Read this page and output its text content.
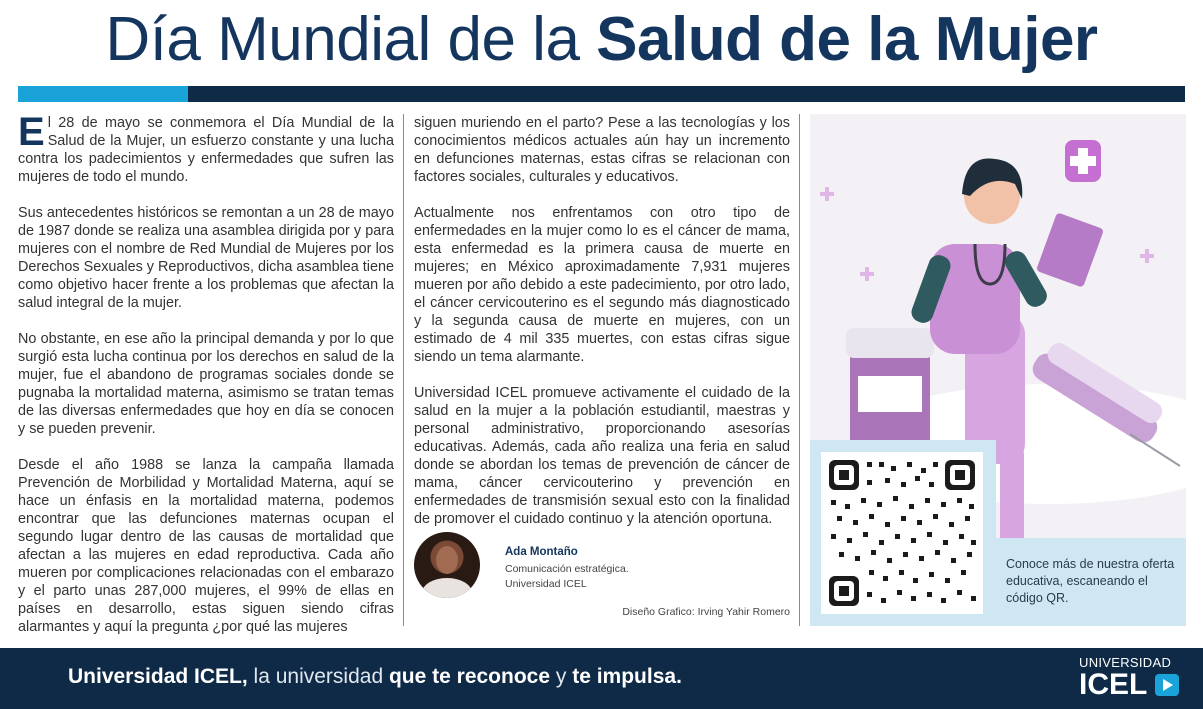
Día Mundial de la Salud de la Mujer

El 28 de mayo se conmemora el Día Mundial de la Salud de la Mujer, un esfuerzo constante y una lucha contra los padecimientos y enfermedades que sufren las mujeres de todo el mundo.

Sus antecedentes históricos se remontan a un 28 de mayo de 1987 donde se realiza una asamblea dirigida por y para mujeres con el nombre de Red Mundial de Mujeres por los Derechos Sexuales y Reproductivos, dicha asamblea tiene como objetivo hacer frente a los problemas que afectan la salud integral de la mujer.

No obstante, en ese año la principal demanda y por lo que surgió esta lucha continua por los derechos en salud de la mujer, fue el abandono de programas sociales donde se pugnaba la mortalidad materna, asimismo se tratan temas de las diversas enfermedades que hoy en día se conocen y se pueden prevenir.

Desde el año 1988 se lanza la campaña llamada Prevención de Morbilidad y Mortalidad Materna, aquí se hace un énfasis en la mortalidad materna, podemos encontrar que las defunciones maternas ocupan el segundo lugar dentro de las causas de mortalidad que afectan a las mujeres en edad reproductiva. Cada año mueren por complicaciones relacionadas con el embarazo y el parto unas 287,000 mujeres, el 99% de ellas en países en desarrollo, estas siguen siendo cifras alarmantes y aquí la pregunta ¿por qué las mujeres

siguen muriendo en el parto? Pese a las tecnologías y los conocimientos médicos actuales aún hay un incremento en defunciones maternas, estas cifras se relacionan con factores sociales, culturales y educativos.

Actualmente nos enfrentamos con otro tipo de enfermedades en la mujer como lo es el cáncer de mama, esta enfermedad es la primera causa de muerte en mujeres; en México aproximadamente 7,931 mujeres mueren por año debido a este padecimiento, por otro lado, el cáncer cervicouterino es el segundo más diagnosticado y la segunda causa de muerte en mujeres, con un estimado de 4 mil 335 muertes, con estas cifras sigue siendo un tema alarmante.

Universidad ICEL promueve activamente el cuidado de la salud en la mujer a la población estudiantil, maestras y personal administrativo, proporcionando asesorías educativas. Además, cada año realiza una feria en salud donde se abordan los temas de prevención de cáncer de mama, cáncer cervicouterino y prevención en enfermedades de transmisión sexual esto con la finalidad de promover el cuidado continuo y la atención oportuna.

Ada Montaño
Comunicación estratégica.
Universidad ICEL
Diseño Grafico: Irving Yahir Romero
Conoce más de nuestra oferta educativa, escaneando el código QR.
Universidad ICEL, la universidad que te reconoce y te impulsa.
UNIVERSIDAD
ICEL
